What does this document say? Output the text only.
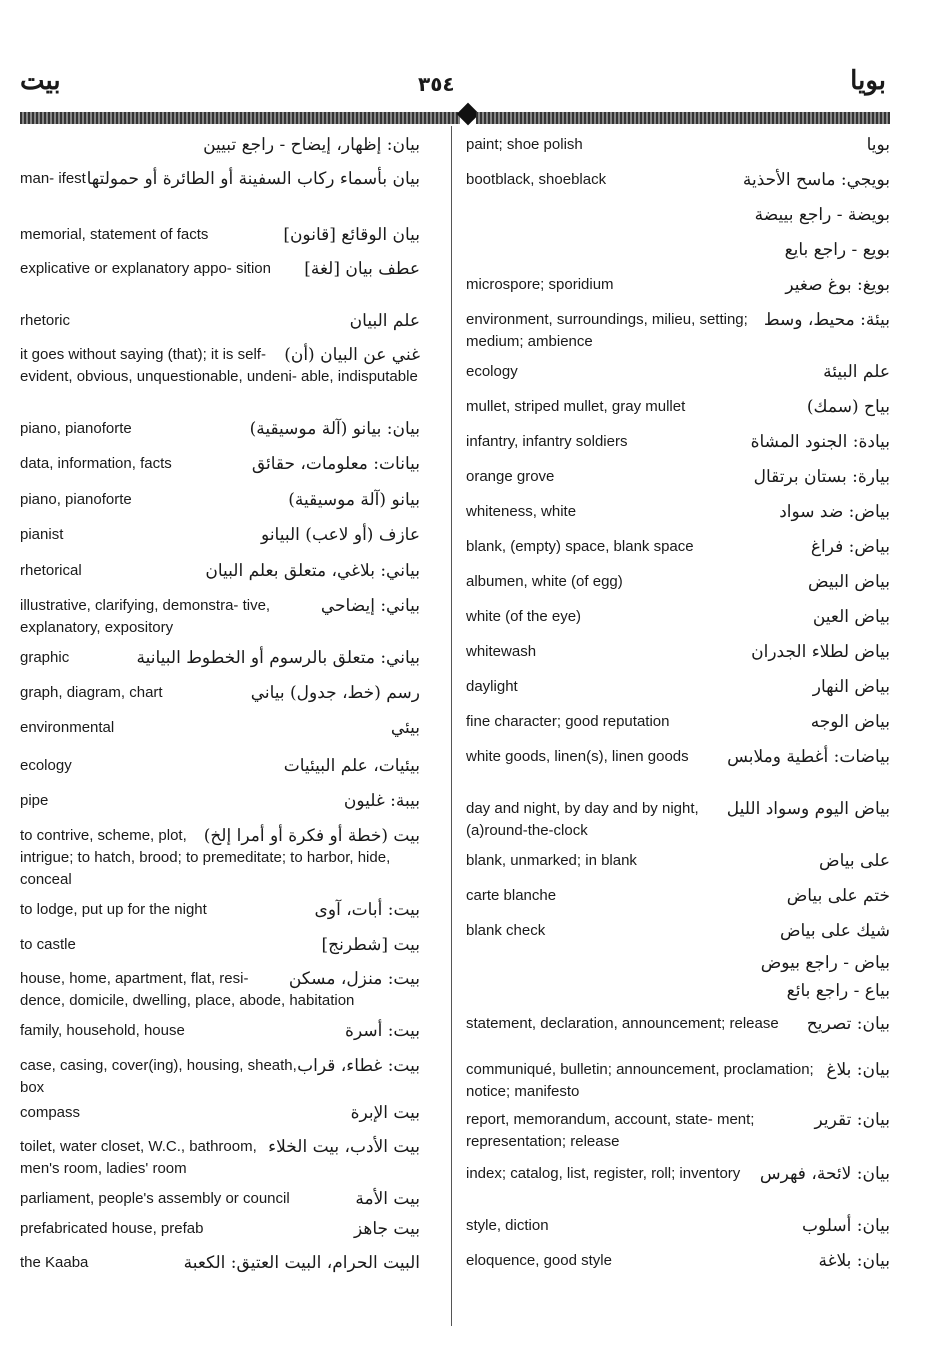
بيت	٣٥٤	بويا
بيان: إظهار، إيضاح - راجع تبيين
بيان بأسماء ركاب السفينة أو الطائرة أو حمولتها
man- ifest
بيان الوقائع [قانون]
memorial, statement of facts
عطف بيان [لغة]
explicative or explanatory appo- sition
علم البيان
rhetoric
غني عن البيان (أن)
it goes without saying (that); it is self-evident, obvious, unquestionable, undeni- able, indisputable
بيان: بيانو (آلة موسيقية)
piano, pianoforte
بيانات: معلومات، حقائق
data, information, facts
بيانو (آلة موسيقية)
piano, pianoforte
عازف (أو لاعب) البيانو
pianist
بياني: بلاغي، متعلق بعلم البيان
rhetorical
بياني: إيضاحي
illustrative, clarifying, demonstra- tive, explanatory, expository
بياني: متعلق بالرسوم أو الخطوط البيانية
graphic
رسم (خط، جدول) بياني
graph, diagram, chart
بيئي
environmental
بيئيات، علم البيئيات
ecology
بيبة: غليون
pipe
بيت (خطة أو فكرة أو أمرا إلخ)
to contrive, scheme, plot, intrigue; to hatch, brood; to premeditate; to harbor, hide, conceal
بيت: أبات، آوى
to lodge, put up for the night
بيت [شطرنج]
to castle
بيت: منزل، مسكن
house, home, apartment, flat, resi- dence, domicile, dwelling, place, abode, habitation
بيت: أسرة
family, household, house
بيت: غطاء، قراب
case, casing, cover(ing), housing, sheath, box
بيت الإبرة
compass
بيت الأدب، بيت الخلاء
toilet, water closet, W.C., bathroom, men's room, ladies' room
بيت الأمة
parliament, people's assembly or council
بيت جاهز
prefabricated house, prefab
البيت الحرام، البيت العتيق: الكعبة
the Kaaba
بويا
paint; shoe polish
بويجي: ماسح الأحذية
bootblack, shoeblack
بويضة - راجع بييضة
بويع - راجع بايع
بويغ: بوغ صغير
microspore; sporidium
بيئة: محيط، وسط
environment, surroundings, milieu, setting; medium; ambience
علم البيئة
ecology
بياح (سمك)
mullet, striped mullet, gray mullet
بيادة: الجنود المشاة
infantry, infantry soldiers
بيارة: بستان برتقال
orange grove
بياض: ضد سواد
whiteness, white
بياض: فراغ
blank, (empty) space, blank space
بياض البيض
albumen, white (of egg)
بياض العين
white (of the eye)
بياض لطلاء الجدران
whitewash
بياض النهار
daylight
بياض الوجه
fine character; good reputation
بياضات: أغطية وملابس
white goods, linen(s), linen goods
بياض اليوم وسواد الليل
day and night, by day and by night, (a)round-the-clock
على بياض
blank, unmarked; in blank
ختم على بياض
carte blanche
شيك على بياض
blank check
بياض - راجع بيوض
بياع - راجع بائع
بيان: تصريح
statement, declaration, announcement; release
بيان: بلاغ
communiqué, bulletin; announcement, proclamation; notice; manifesto
بيان: تقرير
report, memorandum, account, state- ment; representation; release
بيان: لائحة، فهرس
index; catalog, list, register, roll; inventory
بيان: أسلوب
style, diction
بيان: بلاغة
eloquence, good style
